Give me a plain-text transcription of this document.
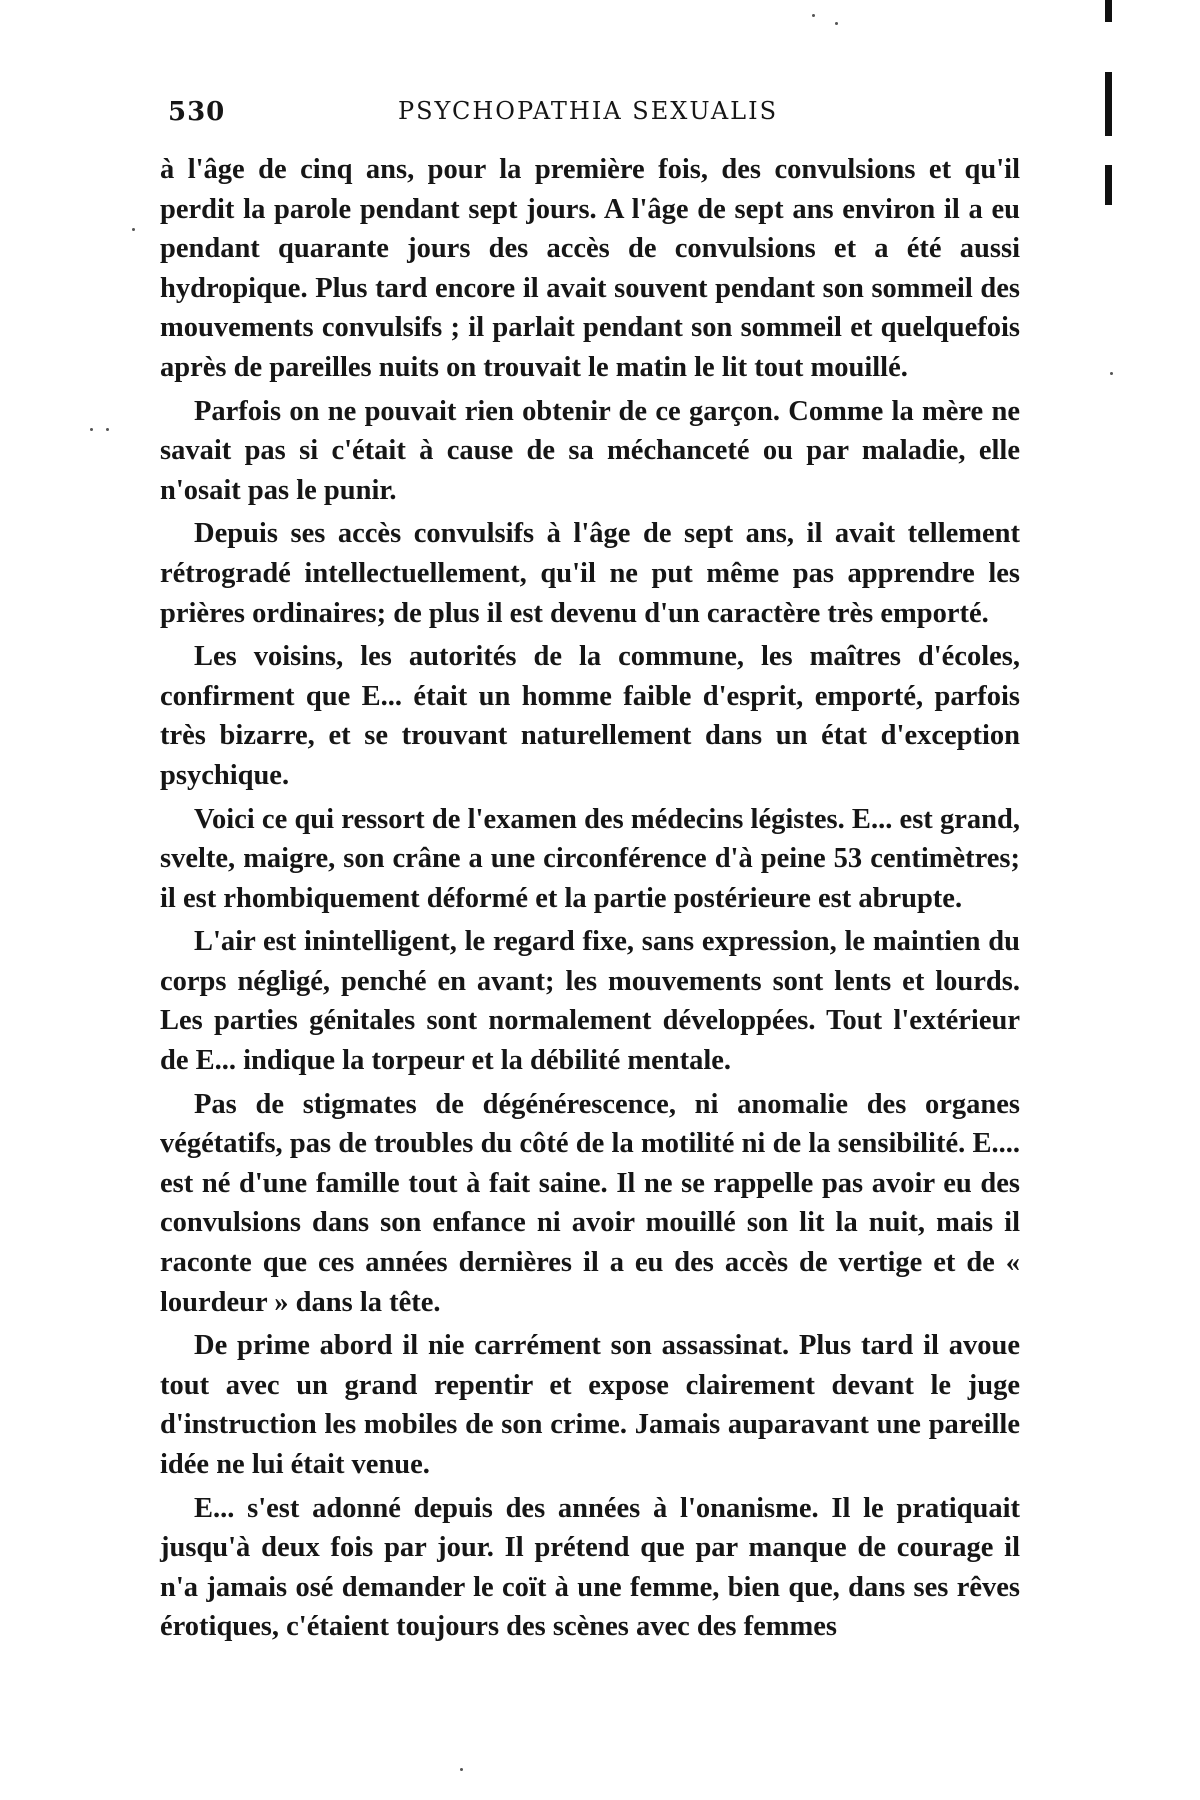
530	PSYCHOPATHIA SEXUALIS

à l'âge de cinq ans, pour la première fois, des convulsions et qu'il perdit la parole pendant sept jours. A l'âge de sept ans environ il a eu pendant quarante jours des accès de convulsions et a été aussi hydropique. Plus tard encore il avait souvent pendant son sommeil des mouvements convulsifs ; il parlait pendant son sommeil et quelquefois après de pareilles nuits on trouvait le matin le lit tout mouillé.

Parfois on ne pouvait rien obtenir de ce garçon. Comme la mère ne savait pas si c'était à cause de sa méchanceté ou par maladie, elle n'osait pas le punir.

Depuis ses accès convulsifs à l'âge de sept ans, il avait tellement rétrogradé intellectuellement, qu'il ne put même pas apprendre les prières ordinaires; de plus il est devenu d'un caractère très emporté.

Les voisins, les autorités de la commune, les maîtres d'écoles, confirment que E... était un homme faible d'esprit, emporté, parfois très bizarre, et se trouvant naturellement dans un état d'exception psychique.

Voici ce qui ressort de l'examen des médecins légistes. E... est grand, svelte, maigre, son crâne a une circonférence d'à peine 53 centimètres; il est rhombiquement déformé et la partie postérieure est abrupte.

L'air est inintelligent, le regard fixe, sans expression, le maintien du corps négligé, penché en avant; les mouvements sont lents et lourds. Les parties génitales sont normalement développées. Tout l'extérieur de E... indique la torpeur et la débilité mentale.

Pas de stigmates de dégénérescence, ni anomalie des organes végétatifs, pas de troubles du côté de la motilité ni de la sensibilité. E.... est né d'une famille tout à fait saine. Il ne se rappelle pas avoir eu des convulsions dans son enfance ni avoir mouillé son lit la nuit, mais il raconte que ces années dernières il a eu des accès de vertige et de « lourdeur » dans la tête.

De prime abord il nie carrément son assassinat. Plus tard il avoue tout avec un grand repentir et expose clairement devant le juge d'instruction les mobiles de son crime. Jamais auparavant une pareille idée ne lui était venue.

E... s'est adonné depuis des années à l'onanisme. Il le pratiquait jusqu'à deux fois par jour. Il prétend que par manque de courage il n'a jamais osé demander le coït à une femme, bien que, dans ses rêves érotiques, c'étaient toujours des scènes avec des femmes
